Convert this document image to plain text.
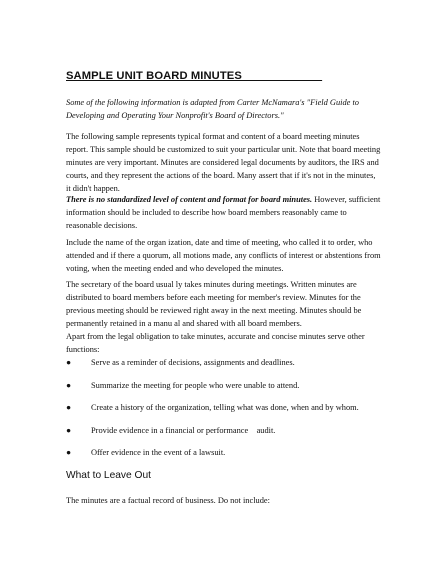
SAMPLE UNIT BOARD MINUTES

Some of the following information is adapted from Carter McNamara's "Field Guide to Developing and Operating Your Nonprofit's Board of Directors."

The following sample represents typical format and content of a board meeting minutes report. This sample should be customized to suit your particular unit. Note that board meeting minutes are very important. Minutes are considered legal documents by auditors, the IRS and courts, and they represent the actions of the board. Many assert that if it's not in the minutes, it didn't happen.

There is no standardized level of content and format for board minutes. However, sufficient information should be included to describe how board members reasonably came to reasonable decisions.

Include the name of the organ ization, date and time of meeting, who called it to order, who attended and if there a quorum, all motions made, any conflicts of interest or abstentions from voting, when the meeting ended and who developed the minutes.

The secretary of the board usual ly takes minutes during meetings. Written minutes are distributed to board members before each meeting for member's review. Minutes for the previous meeting should be reviewed right away in the next meeting. Minutes should be permanently retained in a manu al and shared with all board members.

Apart from the legal obligation to take minutes, accurate and concise minutes serve other functions:

●	Serve as a reminder of decisions, assignments and deadlines.
●	Summarize the meeting for people who were unable to attend.
●	Create a history of the organization, telling what was done, when and by whom.
●	Provide evidence in a financial or performance    audit.
●	Offer evidence in the event of a lawsuit.
What to Leave Out

The minutes are a factual record of business. Do not include:
